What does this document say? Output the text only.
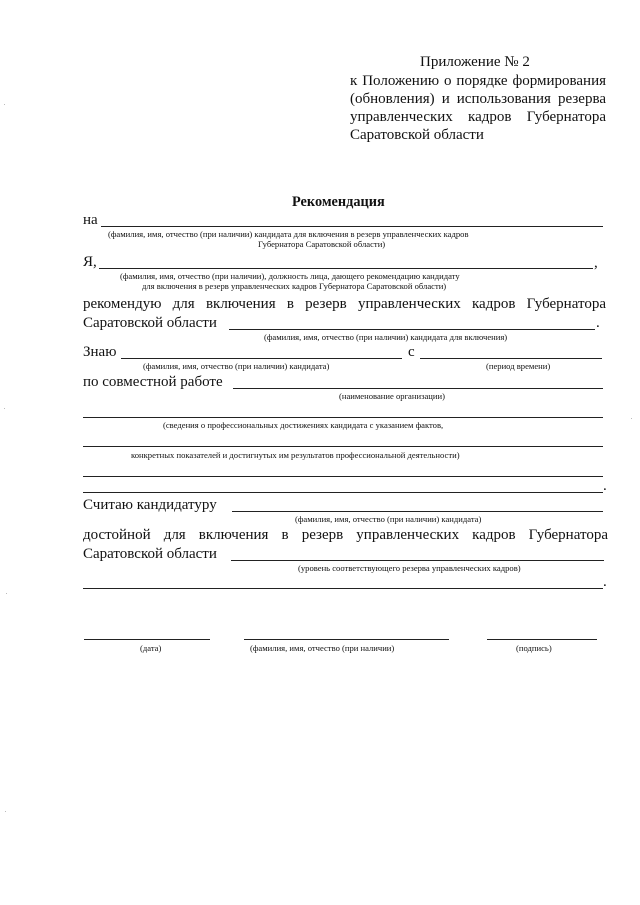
Приложение № 2
к Положению о порядке формирования
(обновления) и использования резерва
управленческих кадров Губернатора
Саратовской области
Рекомендация
на
(фамилия, имя, отчество (при наличии) кандидата для включения в резерв управленческих кадров
Губернатора Саратовской области)
Я,	,
(фамилия, имя, отчество (при наличии), должность лица, дающего рекомендацию кандидату
для включения в резерв управленческих кадров Губернатора Саратовской области)
рекомендую для включения в резерв управленческих кадров Губернатора
Саратовской области	.
(фамилия, имя, отчество (при наличии) кандидата для включения)
Знаю	с
(фамилия, имя, отчество (при наличии) кандидата)	(период времени)
по совместной работе
(наименование организации)
(сведения о профессиональных достижениях кандидата с указанием фактов,
конкретных показателей и достигнутых им результатов профессиональной деятельности)
.
Считаю кандидатуру
(фамилия, имя, отчество (при наличии) кандидата)
достойной для включения в резерв управленческих кадров Губернатора
Саратовской области
(уровень соответствующего резерва управленческих кадров)
.
(дата)	(фамилия, имя, отчество (при наличии)	(подпись)
